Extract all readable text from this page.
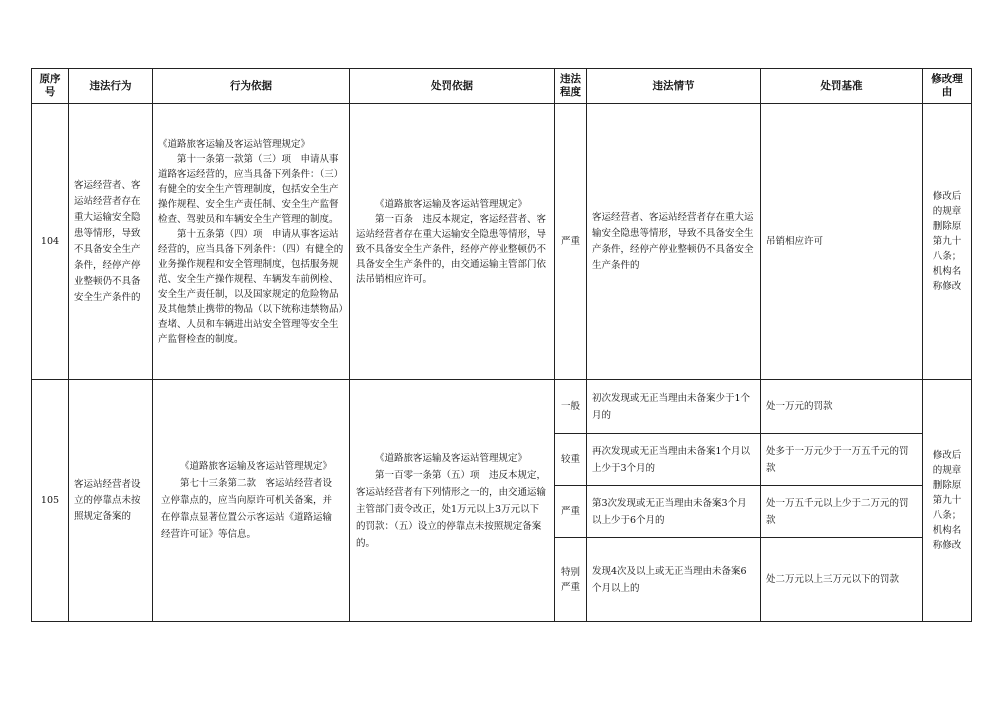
原序号	违法行为	行为依据	处罚依据	违法程度	违法情节	处罚基准	修改理由
104	客运经营者、客运站经营者存在重大运输安全隐患等情形，导致不具备安全生产条件，经停产停业整顿仍不具备安全生产条件的	《道路旅客运输及客运站管理规定》
第十一条第一款第（三）项　申请从事道路客运经营的，应当具备下列条件：（三）有健全的安全生产管理制度，包括安全生产操作规程、安全生产责任制、安全生产监督检查、驾驶员和车辆安全生产管理的制度。
第十五条第（四）项　申请从事客运站经营的，应当具备下列条件：（四）有健全的业务操作规程和安全管理制度，包括服务规范、安全生产操作规程、车辆发车前例检、安全生产责任制，以及国家规定的危险物品及其他禁止携带的物品（以下统称违禁物品）查堵、人员和车辆进出站安全管理等安全生产监督检查的制度。	《道路旅客运输及客运站管理规定》
第一百条　违反本规定，客运经营者、客运站经营者存在重大运输安全隐患等情形，导致不具备安全生产条件，经停产停业整顿仍不具备安全生产条件的，由交通运输主管部门依法吊销相应许可。	严重	客运经营者、客运站经营者存在重大运输安全隐患等情形，导致不具备安全生产条件，经停产停业整顿仍不具备安全生产条件的	吊销相应许可	修改后的规章删除原第九十八条；机构名称修改
105	客运站经营者设立的停靠点未按照规定备案的	《道路旅客运输及客运站管理规定》
第七十三条第二款　客运站经营者设立停靠点的，应当向原许可机关备案，并在停靠点显著位置公示客运站《道路运输经营许可证》等信息。	《道路旅客运输及客运站管理规定》
第一百零一条第（五）项　违反本规定，客运站经营者有下列情形之一的，由交通运输主管部门责令改正，处1万元以上3万元以下的罚款：（五）设立的停靠点未按照规定备案的。	一般	初次发现或无正当理由未备案少于1个月的	处一万元的罚款	修改后的规章删除原第九十八条；机构名称修改
				较重	再次发现或无正当理由未备案1个月以上少于3个月的	处多于一万元少于一万五千元的罚款	
				严重	第3次发现或无正当理由未备案3个月以上少于6个月的	处一万五千元以上少于二万元的罚款	
				特别严重	发现4次及以上或无正当理由未备案6个月以上的	处二万元以上三万元以下的罚款	
